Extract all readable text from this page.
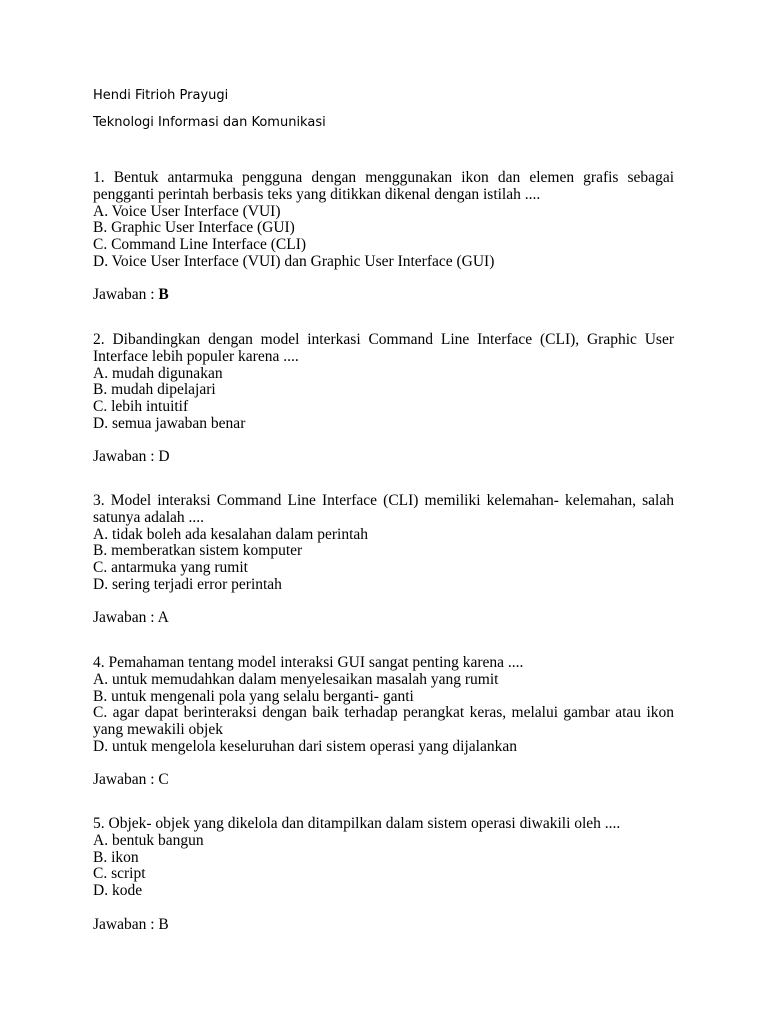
Hendi Fitrioh Prayugi
Teknologi Informasi dan Komunikasi
1. Bentuk antarmuka pengguna dengan menggunakan ikon dan elemen grafis sebagai pengganti perintah berbasis teks yang ditikkan dikenal dengan istilah ....
A. Voice User Interface (VUI)
B. Graphic User Interface (GUI)
C. Command Line Interface (CLI)
D. Voice User Interface (VUI) dan Graphic User Interface (GUI)
Jawaban : B
2. Dibandingkan dengan model interkasi Command Line Interface (CLI), Graphic User Interface lebih populer karena ....
A. mudah digunakan
B. mudah dipelajari
C. lebih intuitif
D. semua jawaban benar
Jawaban : D
3. Model interaksi Command Line Interface (CLI) memiliki kelemahan- kelemahan, salah satunya adalah ....
A. tidak boleh ada kesalahan dalam perintah
B. memberatkan sistem komputer
C. antarmuka yang rumit
D. sering terjadi error perintah
Jawaban : A
4. Pemahaman tentang model interaksi GUI sangat penting karena ....
A. untuk memudahkan dalam menyelesaikan masalah yang rumit
B. untuk mengenali pola yang selalu berganti- ganti
C. agar dapat berinteraksi dengan baik terhadap perangkat keras, melalui gambar atau ikon yang mewakili objek
D. untuk mengelola keseluruhan dari sistem operasi yang dijalankan
Jawaban : C
5. Objek- objek yang dikelola dan ditampilkan dalam sistem operasi diwakili oleh ....
A. bentuk bangun
B. ikon
C. script
D. kode
Jawaban : B
